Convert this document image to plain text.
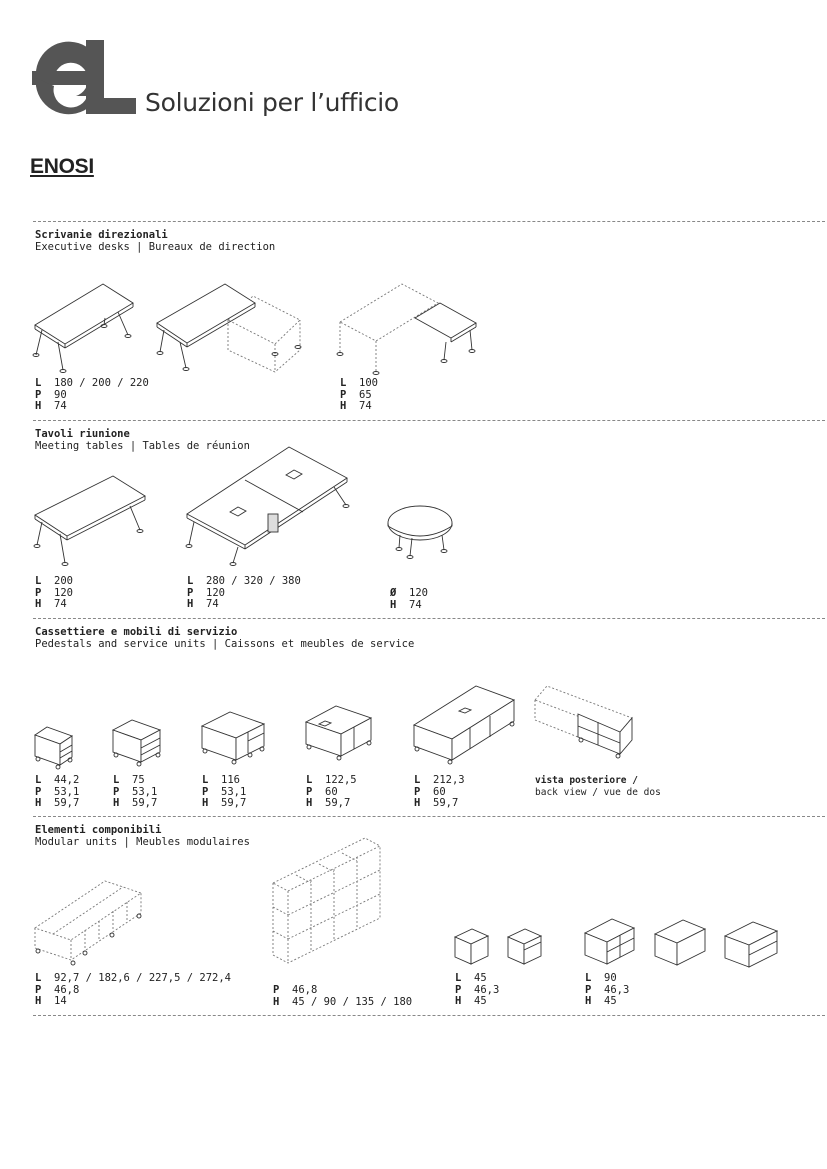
Soluzioni per l’ufficio
ENOSI
Scrivanie direzionali
Executive desks | Bureaux de direction
L 180 / 200 / 220
P 90
H 74
L 100
P 65
H 74
Tavoli riunione
Meeting tables | Tables de réunion
L 200
P 120
H 74
L 280 / 320 / 380
P 120
H 74
Ø 120
H 74
Cassettiere e mobili di servizio
Pedestals and service units | Caissons et meubles de service
L 44,2
P 53,1
H 59,7
L 75
P 53,1
H 59,7
L 116
P 53,1
H 59,7
L 122,5
P 60
H 59,7
L 212,3
P 60
H 59,7
vista posteriore /
back view / vue de dos
Elementi componibili
Modular units | Meubles modulaires
L 92,7 / 182,6 / 227,5 / 272,4
P 46,8
H 14
P 46,8
H 45 / 90 / 135 / 180
L 45
P 46,3
H 45
L 90
P 46,3
H 45
